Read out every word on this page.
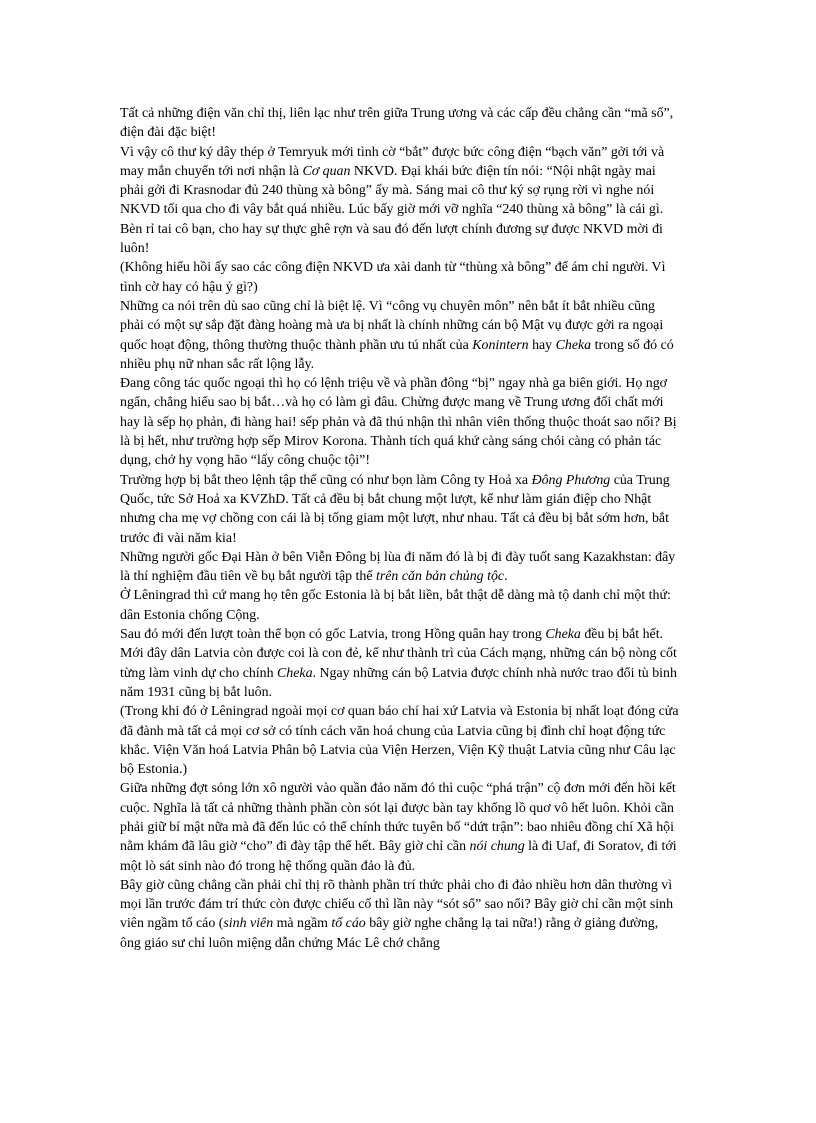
Tất cả những điện văn chỉ thị, liên lạc như trên giữa Trung ương và các cấp đều chẳng cần “mã số”, điện đài đặc biệt!

Vì vậy cô thư ký dây thép ở Temryuk mới tình cờ “bắt” được bức công điện “bạch văn” gởi tới và may mắn chuyển tới nơi nhận là Cơ quan NKVD. Đại khái bức điện tín nói: “Nội nhật ngày mai phải gởi đi Krasnodar đủ 240 thùng xà bông” ấy mà. Sáng mai cô thư ký sợ rụng rời vì nghe nói NKVD tối qua cho đi vây bắt quá nhiều. Lúc bấy giờ mới vỡ nghĩa “240 thùng xà bông” là cái gì. Bèn rỉ tai cô bạn, cho hay sự thực ghê rợn và sau đó đến lượt chính đương sự được NKVD mời đi luôn!

(Không hiểu hồi ấy sao các công điện NKVD ưa xài danh từ “thùng xà bông” để ám chỉ người. Vì tình cờ hay có hậu ý gì?)

Những ca nói trên dù sao cũng chỉ là biệt lệ. Vì “công vụ chuyên môn” nên bắt ít bắt nhiều cũng phải có một sự sắp đặt đàng hoàng mà ưa bị nhất là chính những cán bộ Mật vụ được gởi ra ngoại quốc hoạt động, thông thường thuộc thành phần ưu tú nhất của Konintern hay Cheka trong số đó có nhiều phụ nữ nhan sắc rất lộng lẫy.

Đang công tác quốc ngoại thì họ có lệnh triệu về và phần đông “bị” ngay nhà ga biên giới. Họ ngơ ngẩn, chẳng hiểu sao bị bắt…và họ có làm gì đâu. Chừng được mang về Trung ương đối chất mới hay là sếp họ phản, đi hàng hai! sếp phản và đã thú nhận thì nhân viên thống thuộc thoát sao nổi? Bị là bị hết, như trường hợp sếp Mirov Korona. Thành tích quá khứ càng sáng chói càng có phản tác dụng, chớ hy vọng hão “lấy công chuộc tội”!

Trường hợp bị bắt theo lệnh tập thể cũng có như bọn làm Công ty Hoả xa Đông Phương của Trung Quốc, tức Sở Hoả xa KVZhD. Tất cả đều bị bắt chung một lượt, kể như làm gián điệp cho Nhật nhưng cha mẹ vợ chồng con cái là bị tống giam một lượt, như nhau. Tất cả đều bị bắt sớm hơn, bắt trước đi vài năm kia!

Những người gốc Đại Hàn ở bên Viễn Đông bị lùa đi năm đó là bị đi đày tuốt sang Kazakhstan: đây là thí nghiệm đầu tiên về bụ bắt người tập thể trên căn bản chủng tộc.

Ở Lêningrad thì cứ mang họ tên gốc Estonia là bị bắt liền, bắt thật dễ dàng mà tộ danh chỉ một thứ: dân Estonia chống Cộng.

Sau đó mới đến lượt toàn thể bọn có gốc Latvia, trong Hồng quân hay trong Cheka đều bị bắt hết. Mới đây dân Latvia còn được coi là con đẻ, kể như thành trì của Cách mạng, những cán bộ nòng cốt từng làm vinh dự cho chính Cheka. Ngay những cán bộ Latvia được chính nhà nước trao đổi tù binh năm 1931 cũng bị bắt luôn.

(Trong khi đó ở Lêningrad ngoài mọi cơ quan báo chí hai xứ Latvia và Estonia bị nhất loạt đóng cửa đã đành mà tất cả mọi cơ sở có tính cách văn hoá chung của Latvia cũng bị đình chỉ hoạt động tức khắc. Viện Văn hoá Latvia Phân bộ Latvia của Viện Herzen, Viện Kỹ thuật Latvia cũng như Câu lạc bộ Estonia.)

Giữa những đợt sóng lớn xô người vào quần đảo năm đó thì cuộc “phá trận” cộ đơn mới đến hồi kết cuộc. Nghĩa là tất cả những thành phần còn sót lại được bàn tay khổng lồ quơ vô hết luôn. Khỏi cần phải giữ bí mật nữa mà đã đến lúc có thể chính thức tuyên bố “dứt trận”: bao nhiêu đồng chí Xã hội nằm khám đã lâu giờ “cho” đi đày tập thể hết. Bây giờ chỉ cần nói chung là đi Uaf, đi Soratov, đi tới một lò sát sinh nào đó trong hệ thống quần đảo là đủ.

Bây giờ cũng chẳng cần phải chỉ thị rõ thành phần trí thức phải cho đi đảo nhiều hơn dân thường vì mọi lần trước đám trí thức còn được chiếu cố thì lần này “sót sổ” sao nổi? Bây giờ chỉ cần một sinh viên ngầm tố cáo (sinh viên mà ngầm tố cáo bây giờ nghe chẳng lạ tai nữa!) rằng ở giảng đường, ông giáo sư chỉ luôn miệng dẫn chứng Mác Lê chớ chẳng
